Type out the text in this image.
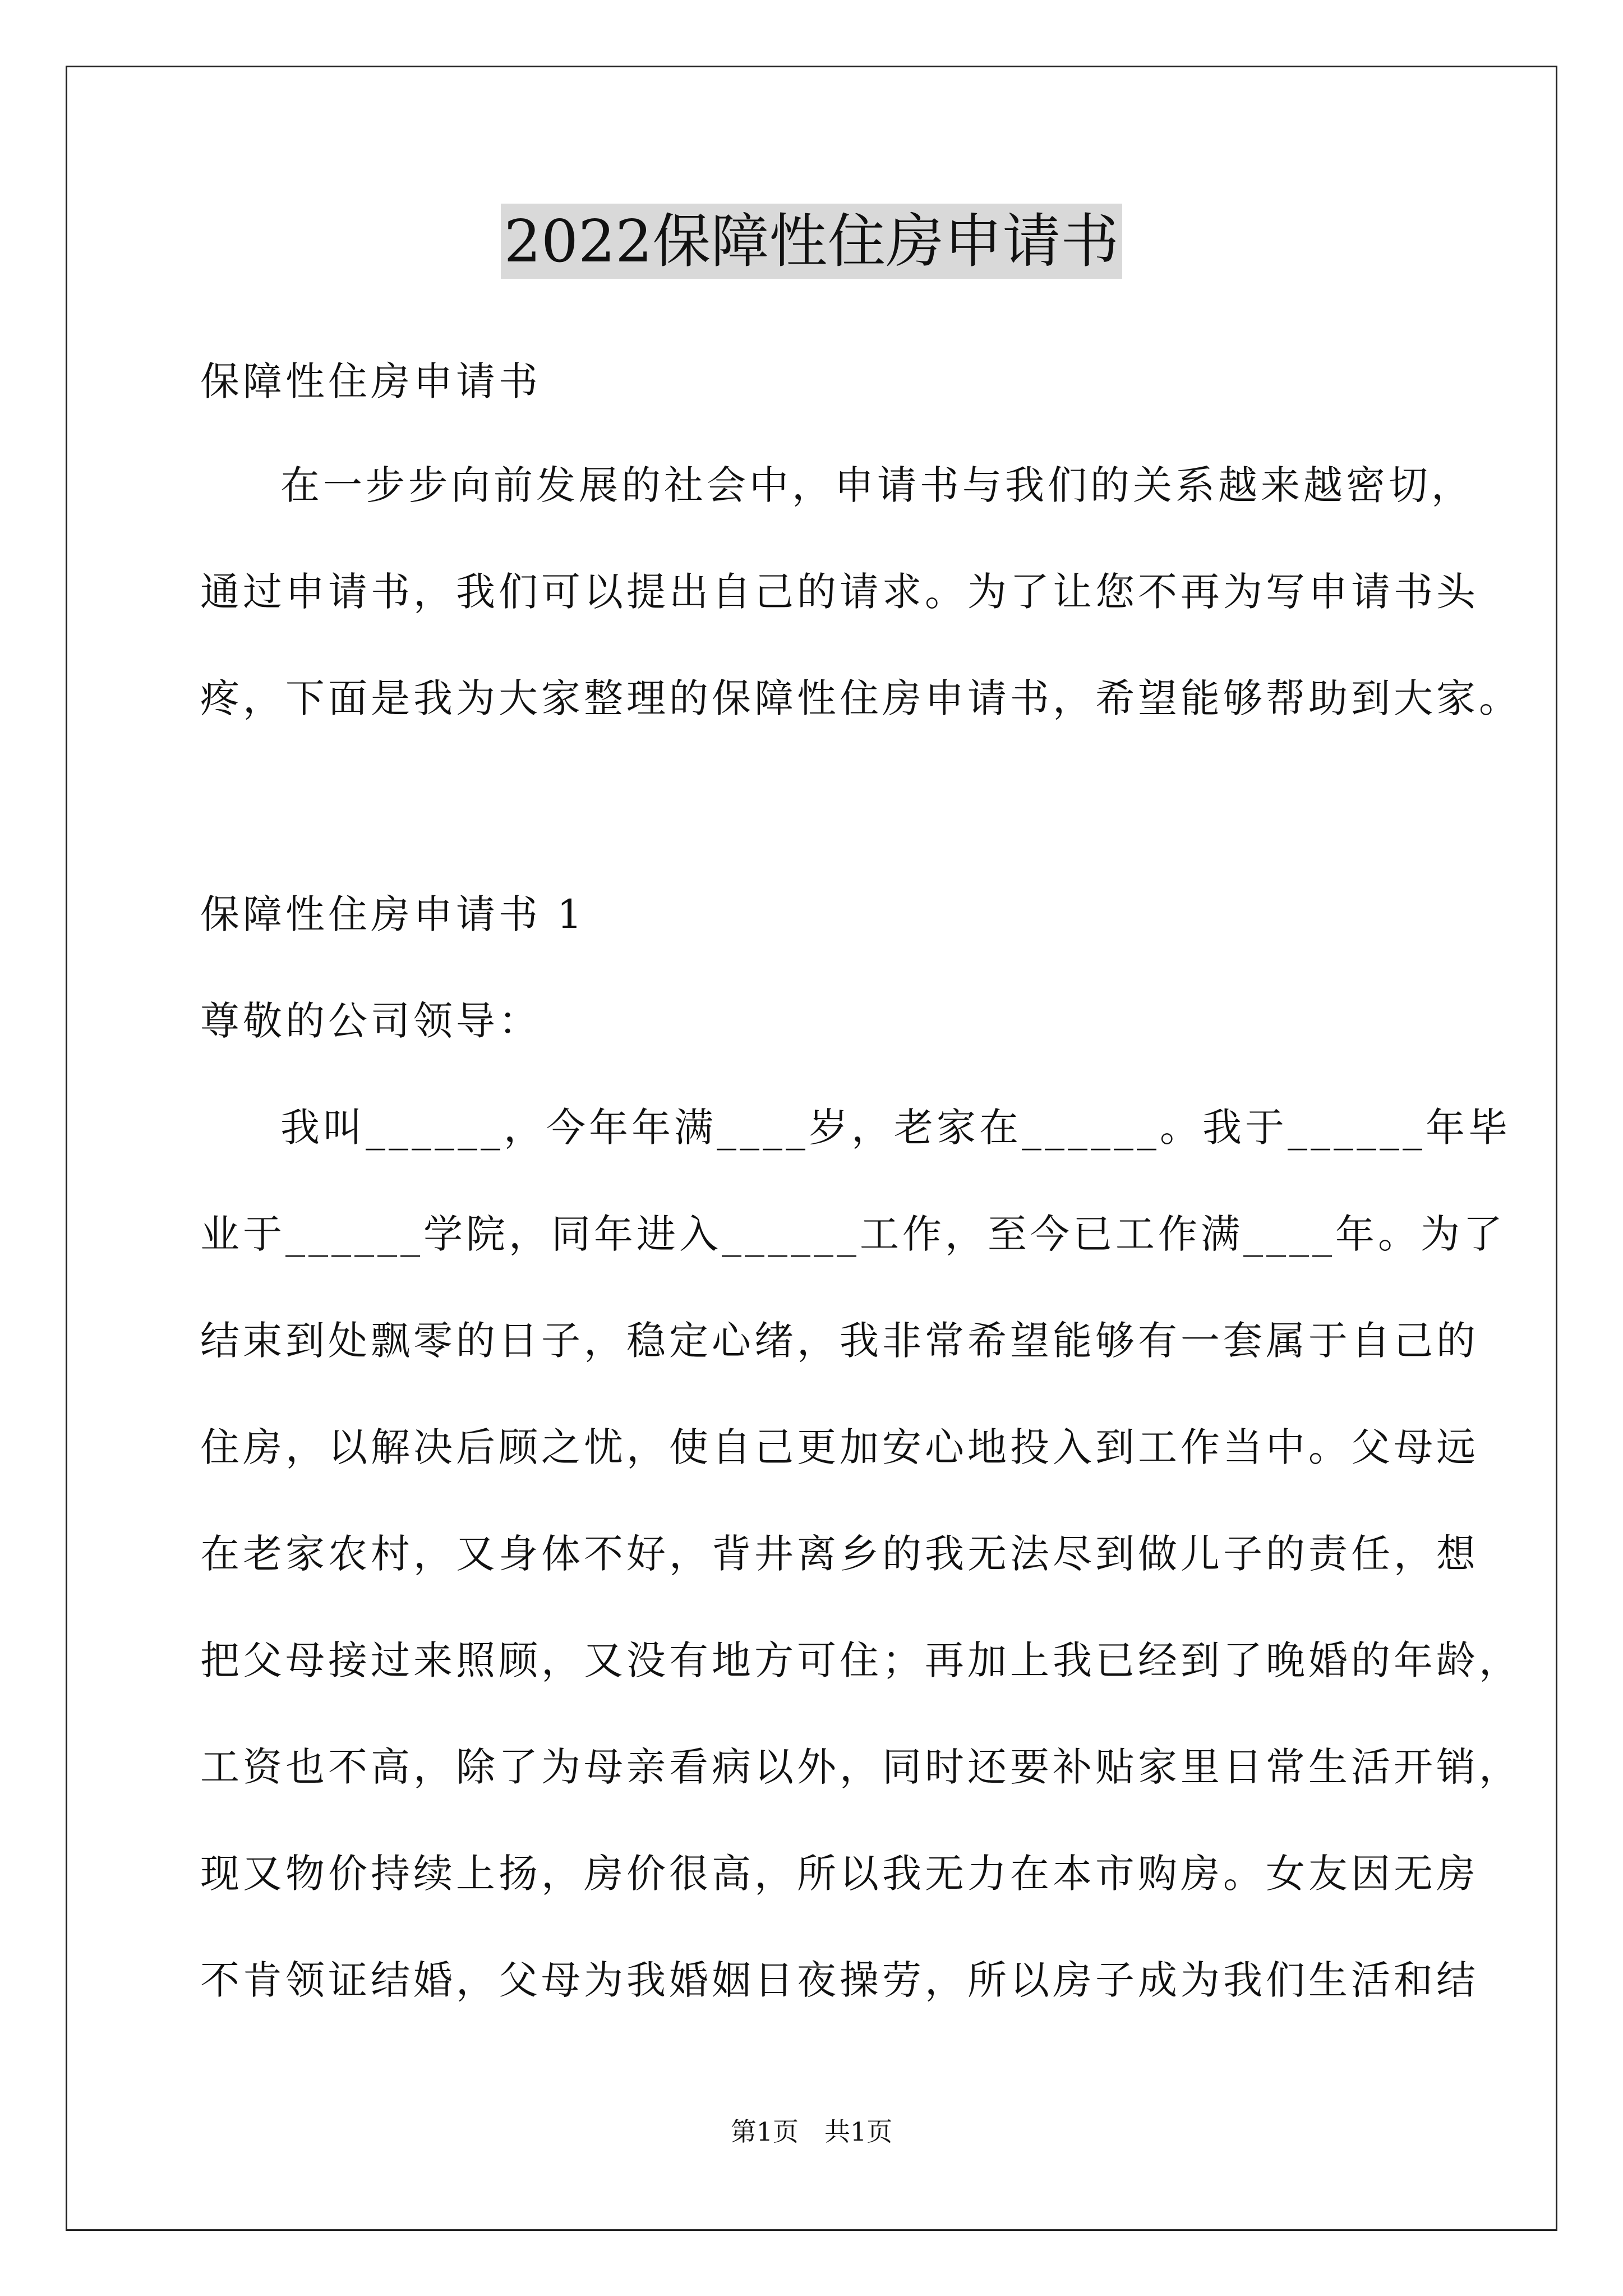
2022保障性住房申请书

保障性住房申请书

在一步步向前发展的社会中，申请书与我们的关系越来越密切，

通过申请书，我们可以提出自己的请求。为了让您不再为写申请书头

疼，下面是我为大家整理的保障性住房申请书，希望能够帮助到大家。

保障性住房申请书 1

尊敬的公司领导：

我叫______，今年年满____岁，老家在______。我于______年毕

业于______学院，同年进入______工作，至今已工作满____年。为了

结束到处飘零的日子，稳定心绪，我非常希望能够有一套属于自己的

住房，以解决后顾之忧，使自己更加安心地投入到工作当中。父母远

在老家农村，又身体不好，背井离乡的我无法尽到做儿子的责任，想

把父母接过来照顾，又没有地方可住；再加上我已经到了晚婚的年龄，

工资也不高，除了为母亲看病以外，同时还要补贴家里日常生活开销，

现又物价持续上扬，房价很高，所以我无力在本市购房。女友因无房

不肯领证结婚，父母为我婚姻日夜操劳，所以房子成为我们生活和结

第1页　共1页
